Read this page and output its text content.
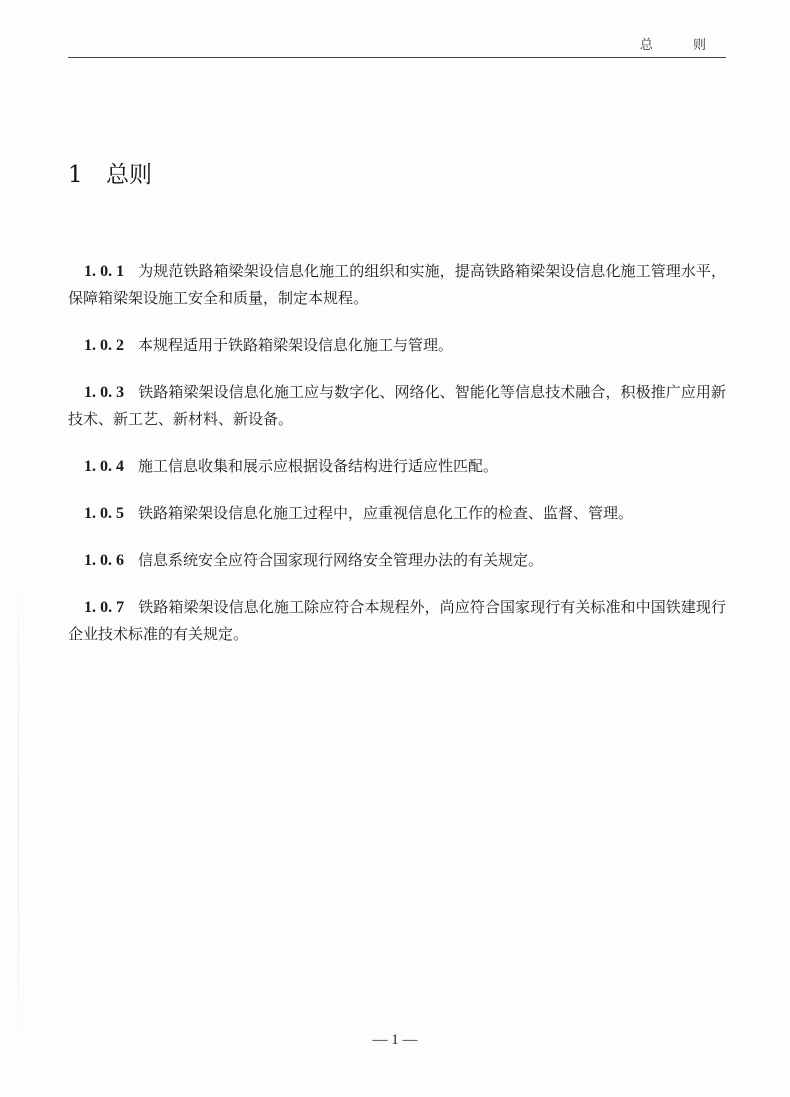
总 则
1 总则

1. 0. 1 为规范铁路箱梁架设信息化施工的组织和实施，提高铁路箱梁架设信息化施工管理水平，保障箱梁架设施工安全和质量，制定本规程。

1. 0. 2 本规程适用于铁路箱梁架设信息化施工与管理。

1. 0. 3 铁路箱梁架设信息化施工应与数字化、网络化、智能化等信息技术融合，积极推广应用新技术、新工艺、新材料、新设备。

1. 0. 4 施工信息收集和展示应根据设备结构进行适应性匹配。

1. 0. 5 铁路箱梁架设信息化施工过程中，应重视信息化工作的检查、监督、管理。

1. 0. 6 信息系统安全应符合国家现行网络安全管理办法的有关规定。

1. 0. 7 铁路箱梁架设信息化施工除应符合本规程外，尚应符合国家现行有关标准和中国铁建现行企业技术标准的有关规定。

— 1 —
